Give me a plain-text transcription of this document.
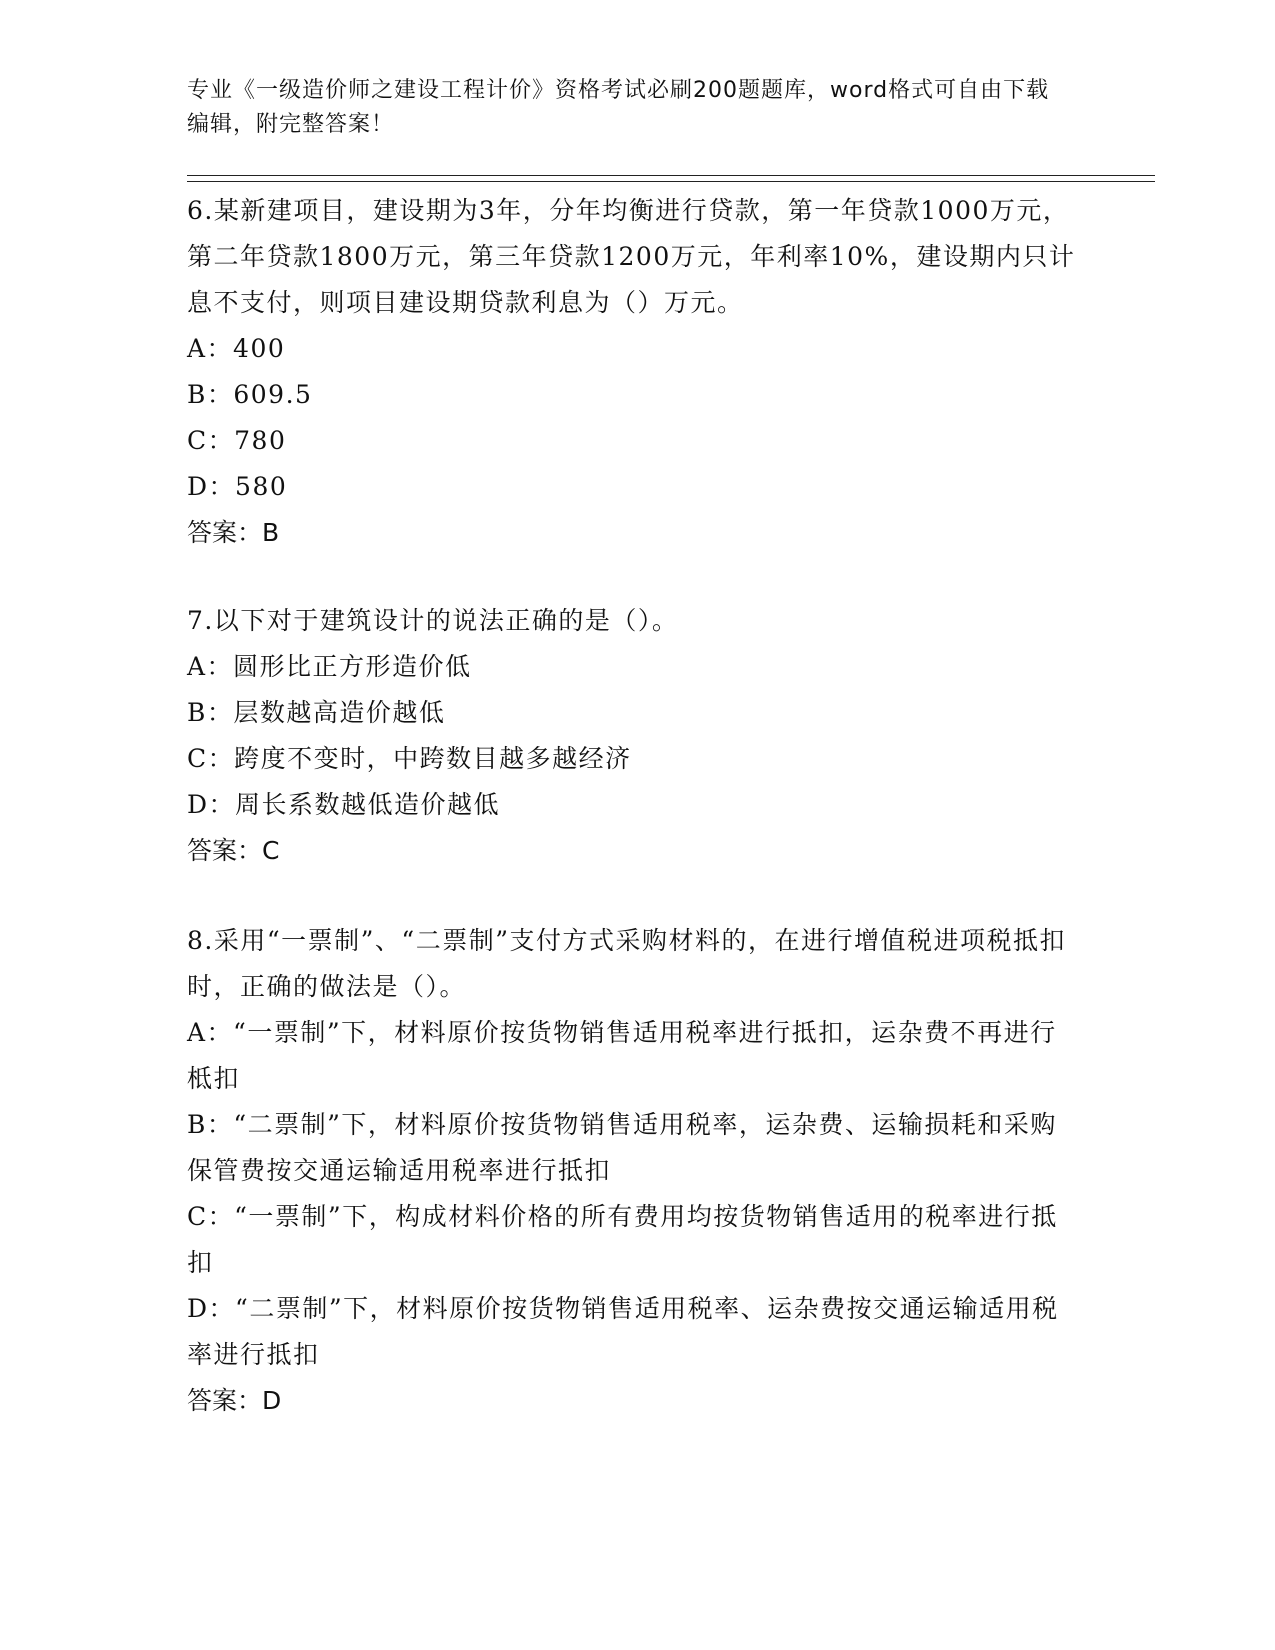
专业《一级造价师之建设工程计价》资格考试必刷200题题库，word格式可自由下载编辑，附完整答案！

6.某新建项目，建设期为3年，分年均衡进行贷款，第一年贷款1000万元，第二年贷款1800万元，第三年贷款1200万元，年利率10%，建设期内只计息不支付，则项目建设期贷款利息为（）万元。

A：400

B：609.5

C：780

D：580

答案：B

7.以下对于建筑设计的说法正确的是（）。

A：圆形比正方形造价低

B：层数越高造价越低

C：跨度不变时，中跨数目越多越经济

D：周长系数越低造价越低

答案：C

8.采用“一票制”、“二票制”支付方式采购材料的，在进行增值税进项税抵扣时，正确的做法是（）。

A：“一票制”下，材料原价按货物销售适用税率进行抵扣，运杂费不再进行柢扣

B：“二票制”下，材料原价按货物销售适用税率，运杂费、运输损耗和采购保管费按交通运输适用税率进行抵扣

C：“一票制”下，构成材料价格的所有费用均按货物销售适用的税率进行抵扣

D：“二票制”下，材料原价按货物销售适用税率、运杂费按交通运输适用税率进行抵扣

答案：D
